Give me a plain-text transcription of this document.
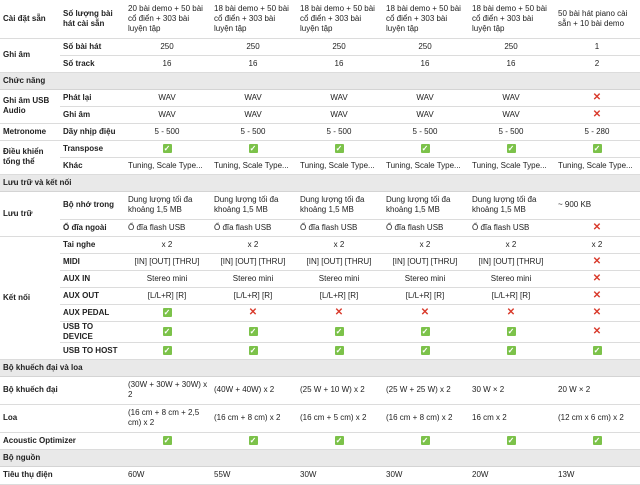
Cài đặt sẵn	Số lượng bài hát cài sẵn	20 bài demo + 50 bài cổ điển + 303 bài luyện tập	18 bài demo + 50 bài cổ điển + 303 bài luyện tập	18 bài demo + 50 bài cổ điển + 303 bài luyện tập	18 bài demo + 50 bài cổ điển + 303 bài luyện tập	18 bài demo + 50 bài cổ điển + 303 bài luyện tập	50 bài hát piano cài sẵn + 10 bài demo
Ghi âm	Số bài hát	250	250	250	250	250	1
	Số track	16	16	16	16	16	2
Chức năng							
Ghi âm USB Audio	Phát lại	WAV	WAV	WAV	WAV	WAV	✕
	Ghi âm	WAV	WAV	WAV	WAV	WAV	✕
Metronome	Dãy nhịp điệu	5 - 500	5 - 500	5 - 500	5 - 500	5 - 500	5 - 280
Điều khiển tổng thể	Transpose	✓	✓	✓	✓	✓	✓
	Khác	Tuning, Scale Type...	Tuning, Scale Type...	Tuning, Scale Type...	Tuning, Scale Type...	Tuning, Scale Type...	Tuning, Scale Type...
Lưu trữ và kết nối							
Lưu trữ	Bộ nhớ trong	Dung lượng tối đa khoảng 1,5 MB	Dung lượng tối đa khoảng 1,5 MB	Dung lượng tối đa khoảng 1,5 MB	Dung lượng tối đa khoảng 1,5 MB	Dung lượng tối đa khoảng 1,5 MB	~ 900 KB
	Ổ đĩa ngoài	Ổ đĩa flash USB	Ổ đĩa flash USB	Ổ đĩa flash USB	Ổ đĩa flash USB	Ổ đĩa flash USB	✕
Kết nối	Tai nghe	x 2	x 2	x 2	x 2	x 2	x 2
	MIDI	[IN] [OUT] [THRU]	[IN] [OUT] [THRU]	[IN] [OUT] [THRU]	[IN] [OUT] [THRU]	[IN] [OUT] [THRU]	✕
	AUX IN	Stereo mini	Stereo mini	Stereo mini	Stereo mini	Stereo mini	✕
	AUX OUT	[L/L+R] [R]	[L/L+R] [R]	[L/L+R] [R]	[L/L+R] [R]	[L/L+R] [R]	✕
	AUX PEDAL	✓	✕	✕	✕	✕	✕
	USB TO DEVICE	✓	✓	✓	✓	✓	✕
	USB TO HOST	✓	✓	✓	✓	✓	✓
Bộ khuếch đại và loa							
Bộ khuếch đại		(30W + 30W + 30W) x 2	(40W + 40W) x 2	(25 W + 10 W) x 2	(25 W + 25 W) x 2	30 W × 2	20 W × 2
Loa		(16 cm + 8 cm + 2,5 cm) x 2	(16 cm + 8 cm) x 2	(16 cm + 5 cm) x 2	(16 cm + 8 cm) x 2	16 cm x 2	(12 cm x 6 cm) x 2
Acoustic Optimizer		✓	✓	✓	✓	✓	✓
Bộ nguồn							
Tiêu thụ điện		60W	55W	30W	30W	20W	13W
